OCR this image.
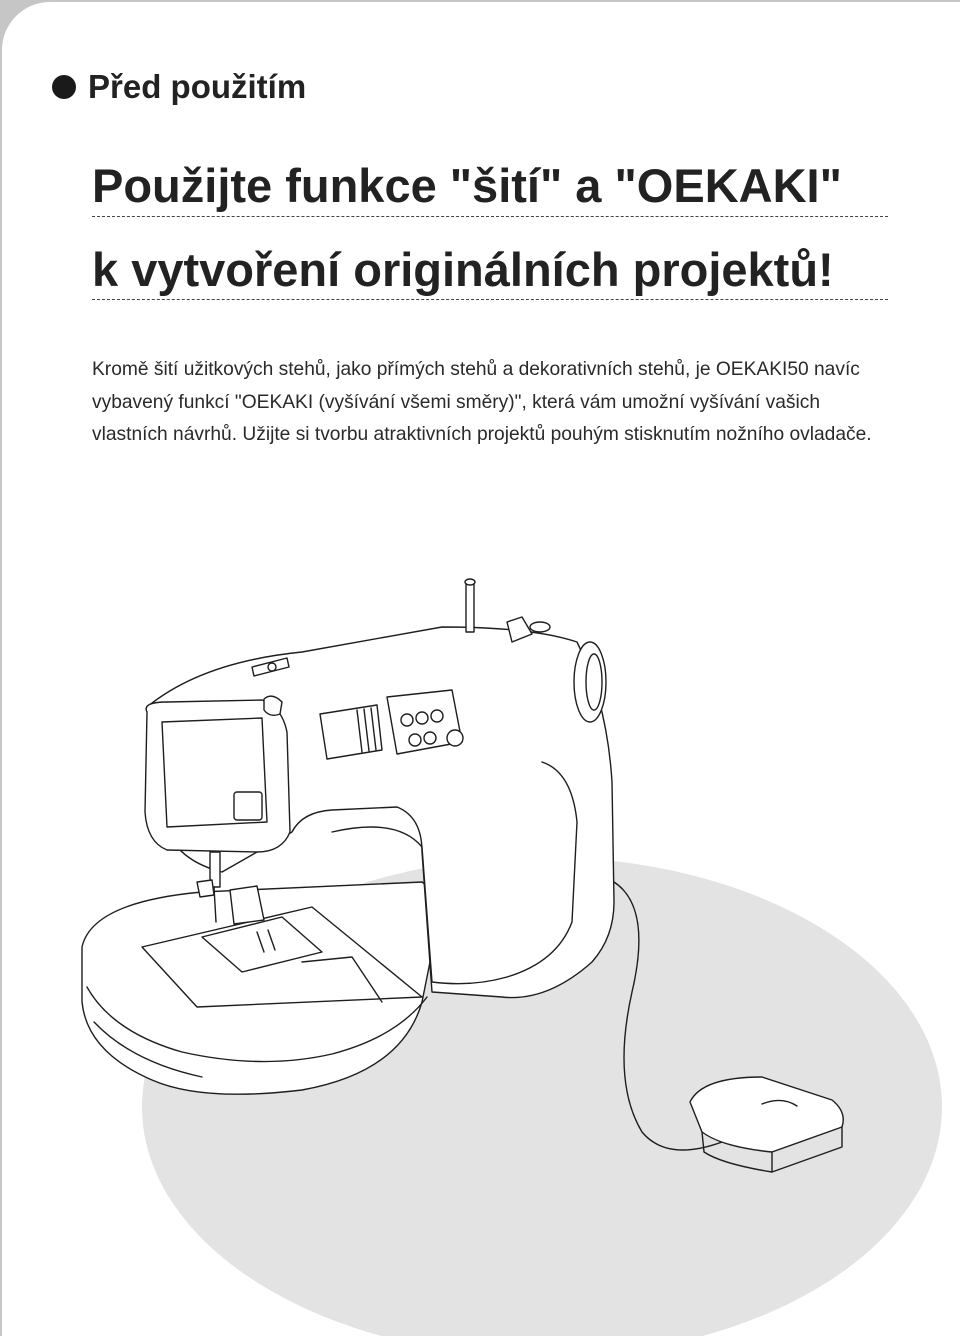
Před použitím
Použijte funkce "šití" a "OEKAKI"
k vytvoření originálních projektů!
Kromě šití užitkových stehů, jako přímých stehů a dekorativních stehů, je OEKAKI50 navíc vybavený funkcí "OEKAKI (vyšívání všemi směry)", která vám umožní vyšívání vašich vlastních návrhů. Užijte si tvorbu atraktivních projektů pouhým stisknutím nožního ovladače.
